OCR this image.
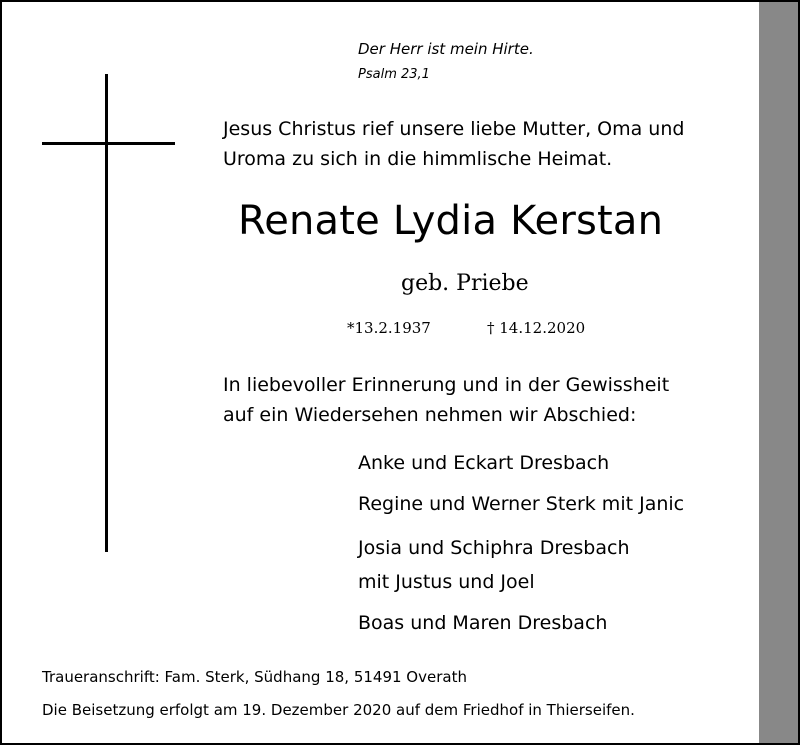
Der Herr ist mein Hirte.
Psalm 23,1
Jesus Christus rief unsere liebe Mutter, Oma und
Uroma zu sich in die himmlische Heimat.
Renate Lydia Kerstan
geb. Priebe
*13.2.1937	† 14.12.2020
In liebevoller Erinnerung und in der Gewissheit
auf ein Wiedersehen nehmen wir Abschied:
Anke und Eckart Dresbach
Regine und Werner Sterk mit Janic
Josia und Schiphra Dresbach
mit Justus und Joel
Boas und Maren Dresbach
Traueranschrift: Fam. Sterk, Südhang 18, 51491 Overath
Die Beisetzung erfolgt am 19. Dezember 2020 auf dem Friedhof in Thierseifen.
